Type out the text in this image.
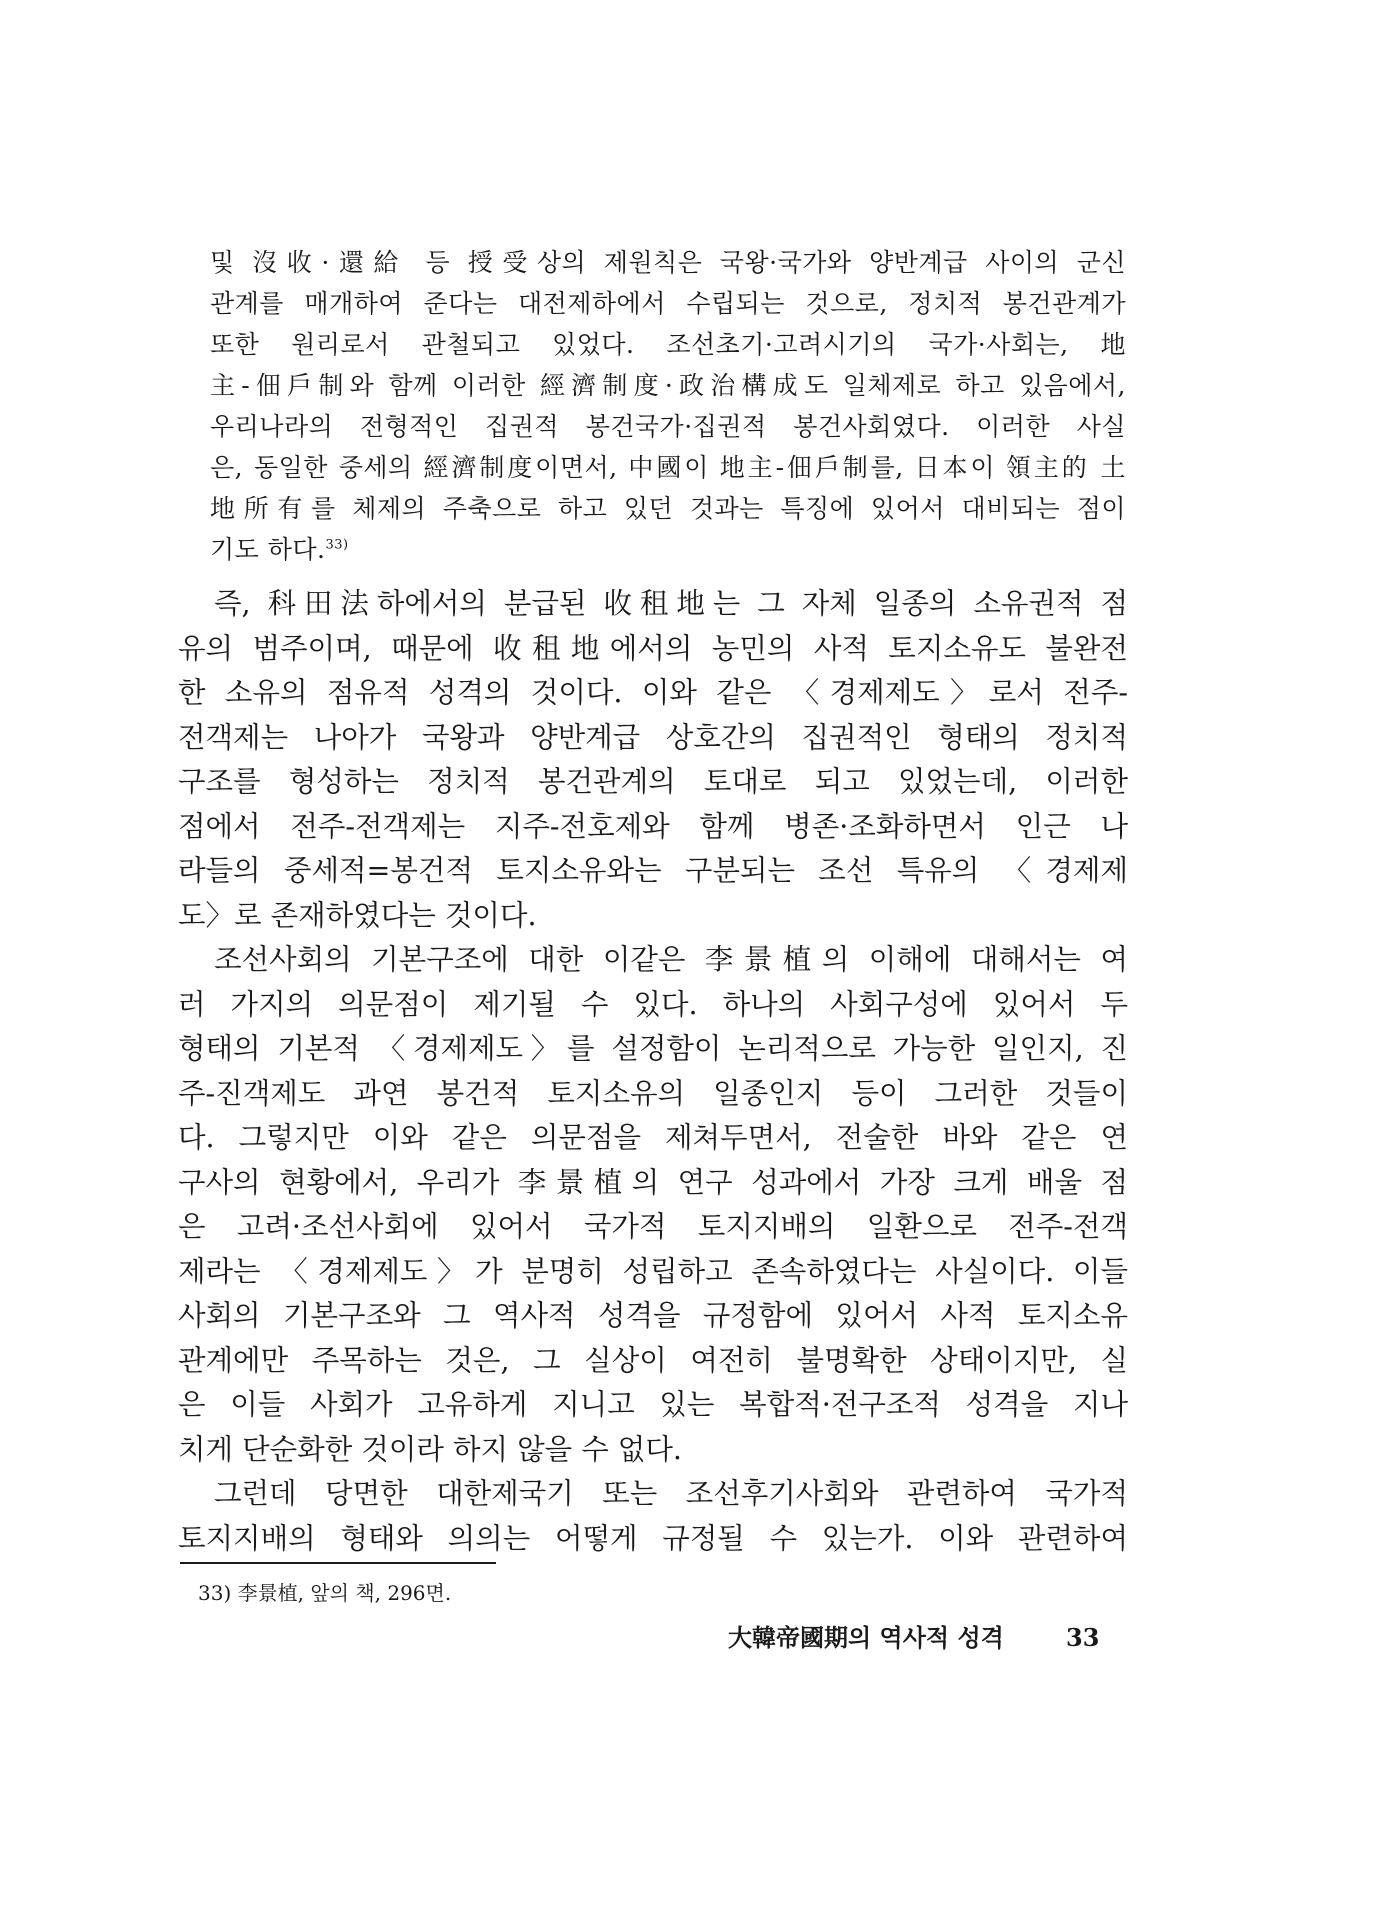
및 沒收·還給 등 授受상의 제원칙은 국왕·국가와 양반계급 사이의 군신
관계를 매개하여 준다는 대전제하에서 수립되는 것으로, 정치적 봉건관계가
또한 원리로서 관철되고 있었다. 조선초기·고려시기의 국가·사회는, 地
主-佃戶制와 함께 이러한 經濟制度·政治構成도 일체제로 하고 있음에서,
우리나라의 전형적인 집권적 봉건국가·집권적 봉건사회였다. 이러한 사실
은, 동일한 중세의 經濟制度이면서, 中國이 地主-佃戶制를, 日本이 領主的 土
地所有를 체제의 주축으로 하고 있던 것과는 특징에 있어서 대비되는 점이
기도 하다.$^{33)}$
즉, 科田法하에서의 분급된 收租地는 그 자체 일종의 소유권적 점
유의 범주이며, 때문에 收租地에서의 농민의 사적 토지소유도 불완전
한 소유의 점유적 성격의 것이다. 이와 같은 〈경제제도〉로서 전주-
전객제는 나아가 국왕과 양반계급 상호간의 집권적인 형태의 정치적
구조를 형성하는 정치적 봉건관계의 토대로 되고 있었는데, 이러한
점에서 전주-전객제는 지주-전호제와 함께 병존·조화하면서 인근 나
라들의 중세적=봉건적 토지소유와는 구분되는 조선 특유의 〈경제제
도〉로 존재하였다는 것이다.
조선사회의 기본구조에 대한 이같은 李景植의 이해에 대해서는 여
러 가지의 의문점이 제기될 수 있다. 하나의 사회구성에 있어서 두
형태의 기본적 〈경제제도〉를 설정함이 논리적으로 가능한 일인지, 진
주-진객제도 과연 봉건적 토지소유의 일종인지 등이 그러한 것들이
다. 그렇지만 이와 같은 의문점을 제쳐두면서, 전술한 바와 같은 연
구사의 현황에서, 우리가 李景植의 연구 성과에서 가장 크게 배울 점
은 고려·조선사회에 있어서 국가적 토지지배의 일환으로 전주-전객
제라는 〈경제제도〉가 분명히 성립하고 존속하였다는 사실이다. 이들
사회의 기본구조와 그 역사적 성격을 규정함에 있어서 사적 토지소유
관계에만 주목하는 것은, 그 실상이 여전히 불명확한 상태이지만, 실
은 이들 사회가 고유하게 지니고 있는 복합적·전구조적 성격을 지나
치게 단순화한 것이라 하지 않을 수 없다.
그런데 당면한 대한제국기 또는 조선후기사회와 관련하여 국가적
토지지배의 형태와 의의는 어떻게 규정될 수 있는가. 이와 관련하여
33) 李景植, 앞의 책, 296면.
大韓帝國期의 역사적 성격	33
